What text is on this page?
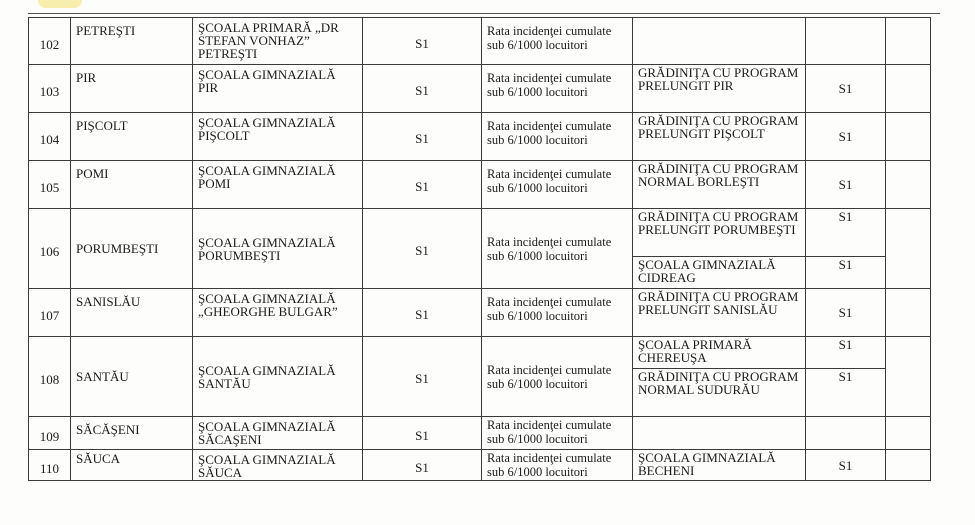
102	PETREŞTI	ŞCOALA PRIMARĂ „DR STEFAN VONHAZ” PETREŞTI	S1	Rata incidenţei cumulate sub 6/1000 locuitori			
103	PIR	ŞCOALA GIMNAZIALĂ PIR	S1	Rata incidenţei cumulate sub 6/1000 locuitori	GRĂDINIŢA CU PROGRAM PRELUNGIT PIR	S1	
104	PIŞCOLT	ŞCOALA GIMNAZIALĂ PIŞCOLT	S1	Rata incidenţei cumulate sub 6/1000 locuitori	GRĂDINIŢA CU PROGRAM PRELUNGIT PIŞCOLT	S1	
105	POMI	ŞCOALA GIMNAZIALĂ POMI	S1	Rata incidenţei cumulate sub 6/1000 locuitori	GRĂDINIŢA CU PROGRAM NORMAL BORLEŞTI	S1	
106	PORUMBEŞTI	ŞCOALA GIMNAZIALĂ PORUMBEŞTI	S1	Rata incidenţei cumulate sub 6/1000 locuitori	GRĂDINIŢA CU PROGRAM PRELUNGIT PORUMBEŞTI	S1	
					ŞCOALA GIMNAZIALĂ CIDREAG	S1	
107	SANISLĂU	ŞCOALA GIMNAZIALĂ „GHEORGHE BULGAR”	S1	Rata incidenţei cumulate sub 6/1000 locuitori	GRĂDINIŢA CU PROGRAM PRELUNGIT SANISLĂU	S1	
108	SANTĂU	ŞCOALA GIMNAZIALĂ SANTĂU	S1	Rata incidenţei cumulate sub 6/1000 locuitori	ŞCOALA PRIMARĂ CHEREUŞA	S1	
					GRĂDINIŢA CU PROGRAM NORMAL SUDURĂU	S1	
109	SĂCĂŞENI	ŞCOALA GIMNAZIALĂ SĂCAŞENI	S1	Rata incidenţei cumulate sub 6/1000 locuitori			
110	SĂUCA	ŞCOALA GIMNAZIALĂ SĂUCA	S1	Rata incidenţei cumulate sub 6/1000 locuitori	ŞCOALA GIMNAZIALĂ BECHENI	S1	
